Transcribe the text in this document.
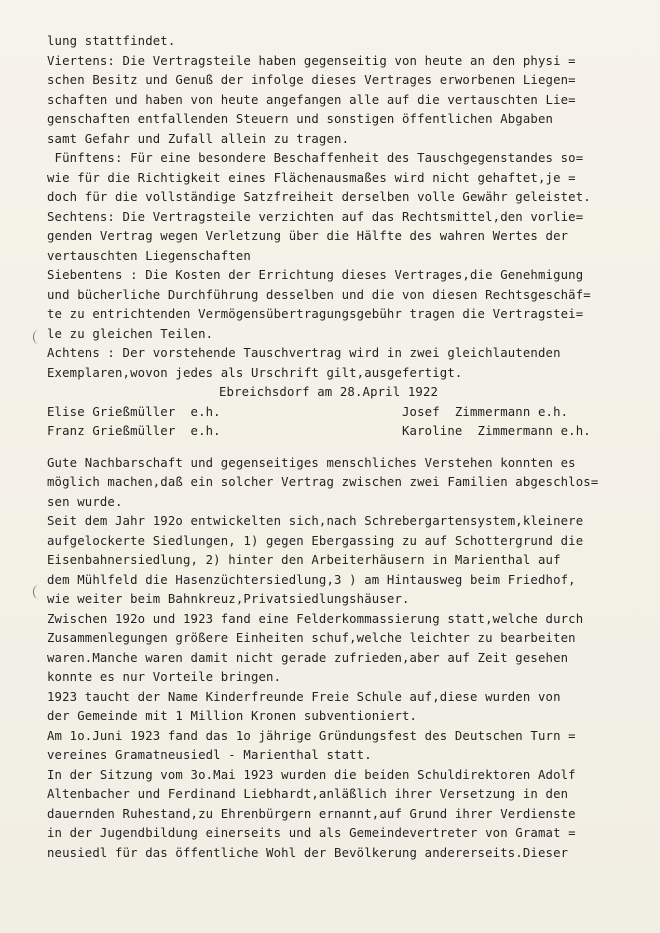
lung stattfindet.
Viertens: Die Vertragsteile haben gegenseitig von heute an den physi =
schen Besitz und Genuß der infolge dieses Vertrages erworbenen Liegen=
schaften und haben von heute angefangen alle auf die vertauschten Lie=
genschaften entfallenden Steuern und sonstigen öffentlichen Abgaben
samt Gefahr und Zufall allein zu tragen.
Fünftens: Für eine besondere Beschaffenheit des Tauschgegenstandes so=
wie für die Richtigkeit eines Flächenausmaßes wird nicht gehaftet,je =
doch für die vollständige Satzfreiheit derselben volle Gewähr geleistet.
Sechtens: Die Vertragsteile verzichten auf das Rechtsmittel,den vorlie=
genden Vertrag wegen Verletzung über die Hälfte des wahren Wertes der
vertauschten Liegenschaften
Siebentens : Die Kosten der Errichtung dieses Vertrages,die Genehmigung
und bücherliche Durchführung desselben und die von diesen Rechtsgeschäf=
te zu entrichtenden Vermögensübertragungsgebühr tragen die Vertragstei=
le zu gleichen Teilen.
Achtens : Der vorstehende Tauschvertrag wird in zwei gleichlautenden
Exemplaren,wovon jedes als Urschrift gilt,ausgefertigt.
Ebreichsdorf am 28.April 1922
Elise Grießmüller  e.h.	Josef  Zimmermann e.h.
Franz Grießmüller  e.h.	Karoline  Zimmermann e.h.
Gute Nachbarschaft und gegenseitiges menschliches Verstehen konnten es
möglich machen,daß ein solcher Vertrag zwischen zwei Familien abgeschlos=
sen wurde.
Seit dem Jahr 192o entwickelten sich,nach Schrebergartensystem,kleinere
aufgelockerte Siedlungen, 1) gegen Ebergassing zu auf Schottergrund die
Eisenbahnersiedlung, 2) hinter den Arbeiterhäusern in Marienthal auf
dem Mühlfeld die Hasenzüchtersiedlung,3 ) am Hintausweg beim Friedhof,
wie weiter beim Bahnkreuz,Privatsiedlungshäuser.
Zwischen 192o und 1923 fand eine Felderkommassierung statt,welche durch
Zusammenlegungen größere Einheiten schuf,welche leichter zu bearbeiten
waren.Manche waren damit nicht gerade zufrieden,aber auf Zeit gesehen
konnte es nur Vorteile bringen.
1923 taucht der Name Kinderfreunde Freie Schule auf,diese wurden von
der Gemeinde mit 1 Million Kronen subventioniert.
Am 1o.Juni 1923 fand das 1o jährige Gründungsfest des Deutschen Turn =
vereines Gramatneusiedl - Marienthal statt.
In der Sitzung vom 3o.Mai 1923 wurden die beiden Schuldirektoren Adolf
Altenbacher und Ferdinand Liebhardt,anläßlich ihrer Versetzung in den
dauernden Ruhestand,zu Ehrenbürgern ernannt,auf Grund ihrer Verdienste
in der Jugendbildung einerseits und als Gemeindevertreter von Gramat =
neusiedl für das öffentliche Wohl der Bevölkerung andererseits.Dieser
